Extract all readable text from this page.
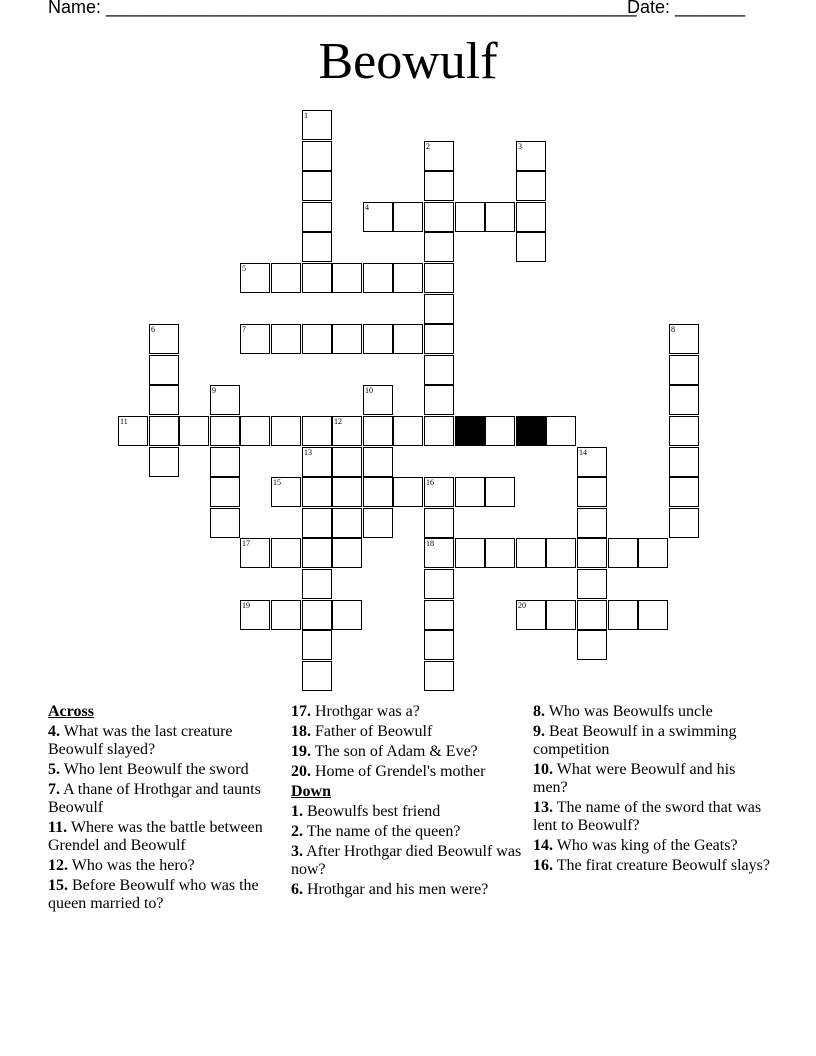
Name: _____________________________________________________
Date: _______
Beowulf
1
2	3
4
5
6	7	8
9	10
11	12
13	14
15	16
17	18
19	20
Across
4. What was the last creature Beowulf slayed?
5. Who lent Beowulf the sword
7. A thane of Hrothgar and taunts Beowulf
11. Where was the battle between Grendel and Beowulf
12. Who was the hero?
15. Before Beowulf who was the queen married to?
17. Hrothgar was a?
18. Father of Beowulf
19. The son of Adam & Eve?
20. Home of Grendel's mother
Down
1. Beowulfs best friend
2. The name of the queen?
3. After Hrothgar died Beowulf was now?
6. Hrothgar and his men were?
8. Who was Beowulfs uncle
9. Beat Beowulf in a swimming competition
10. What were Beowulf and his men?
13. The name of the sword that was lent to Beowulf?
14. Who was king of the Geats?
16. The firat creature Beowulf slays?
